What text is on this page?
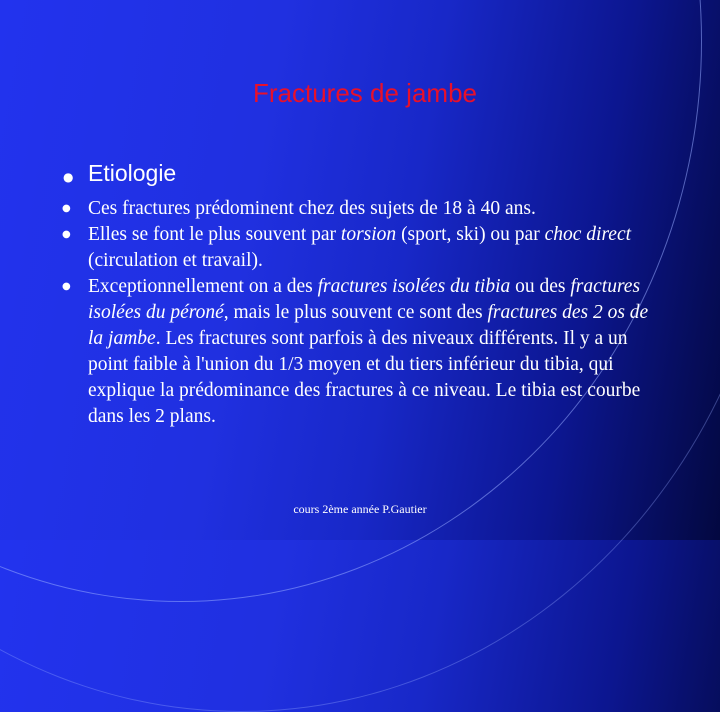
Fractures de jambe
● Etiologie
● Ces fractures prédominent chez des sujets de 18 à 40 ans.
● Elles se font le plus souvent par torsion (sport, ski) ou par choc direct (circulation et travail).
● Exceptionnellement on a des fractures isolées du tibia ou des fractures isolées du péroné, mais le plus souvent ce sont des fractures des 2 os de la jambe. Les fractures sont parfois à des niveaux différents. Il y a un point faible à l'union du 1/3 moyen et du tiers inférieur du tibia, qui explique la prédominance des fractures à ce niveau. Le tibia est courbe dans les 2 plans.
cours 2ème année P.Gautier
